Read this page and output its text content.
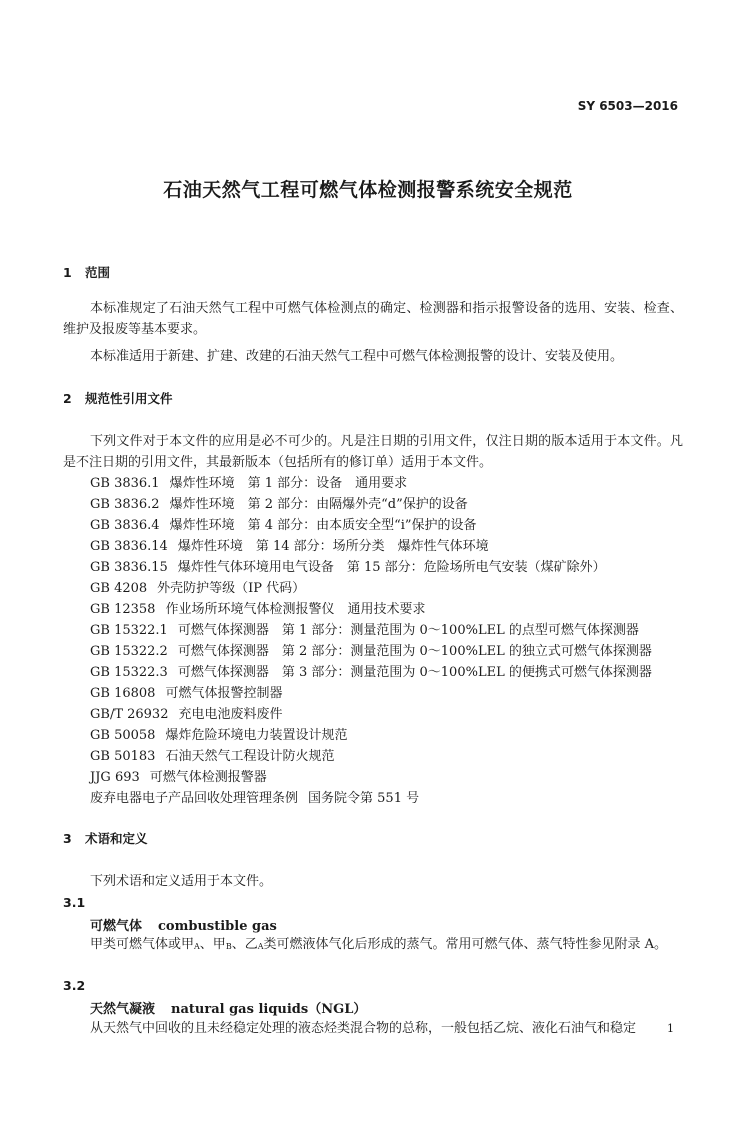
SY 6503—2016
石油天然气工程可燃气体检测报警系统安全规范
1 范围
本标准规定了石油天然气工程中可燃气体检测点的确定、检测器和指示报警设备的选用、安装、检查、维护及报废等基本要求。
本标准适用于新建、扩建、改建的石油天然气工程中可燃气体检测报警的设计、安装及使用。
2 规范性引用文件
下列文件对于本文件的应用是必不可少的。凡是注日期的引用文件，仅注日期的版本适用于本文件。凡是不注日期的引用文件，其最新版本（包括所有的修订单）适用于本文件。
GB 3836.1 爆炸性环境　第 1 部分：设备　通用要求
GB 3836.2 爆炸性环境　第 2 部分：由隔爆外壳“d”保护的设备
GB 3836.4 爆炸性环境　第 4 部分：由本质安全型“i”保护的设备
GB 3836.14 爆炸性环境　第 14 部分：场所分类　爆炸性气体环境
GB 3836.15 爆炸性气体环境用电气设备　第 15 部分：危险场所电气安装（煤矿除外）
GB 4208 外壳防护等级（IP 代码）
GB 12358 作业场所环境气体检测报警仪　通用技术要求
GB 15322.1 可燃气体探测器　第 1 部分：测量范围为 0～100%LEL 的点型可燃气体探测器
GB 15322.2 可燃气体探测器　第 2 部分：测量范围为 0～100%LEL 的独立式可燃气体探测器
GB 15322.3 可燃气体探测器　第 3 部分：测量范围为 0～100%LEL 的便携式可燃气体探测器
GB 16808 可燃气体报警控制器
GB/T 26932 充电电池废料废件
GB 50058 爆炸危险环境电力装置设计规范
GB 50183 石油天然气工程设计防火规范
JJG 693 可燃气体检测报警器
废弃电器电子产品回收处理管理条例 国务院令第 551 号
3 术语和定义
下列术语和定义适用于本文件。
3.1
可燃气体 combustible gas
甲类可燃气体或甲$_A$、甲$_B$、乙$_A$类可燃液体气化后形成的蒸气。常用可燃气体、蒸气特性参见附录 A。
3.2
天然气凝液 natural gas liquids（NGL）
从天然气中回收的且未经稳定处理的液态烃类混合物的总称，一般包括乙烷、液化石油气和稳定	1
